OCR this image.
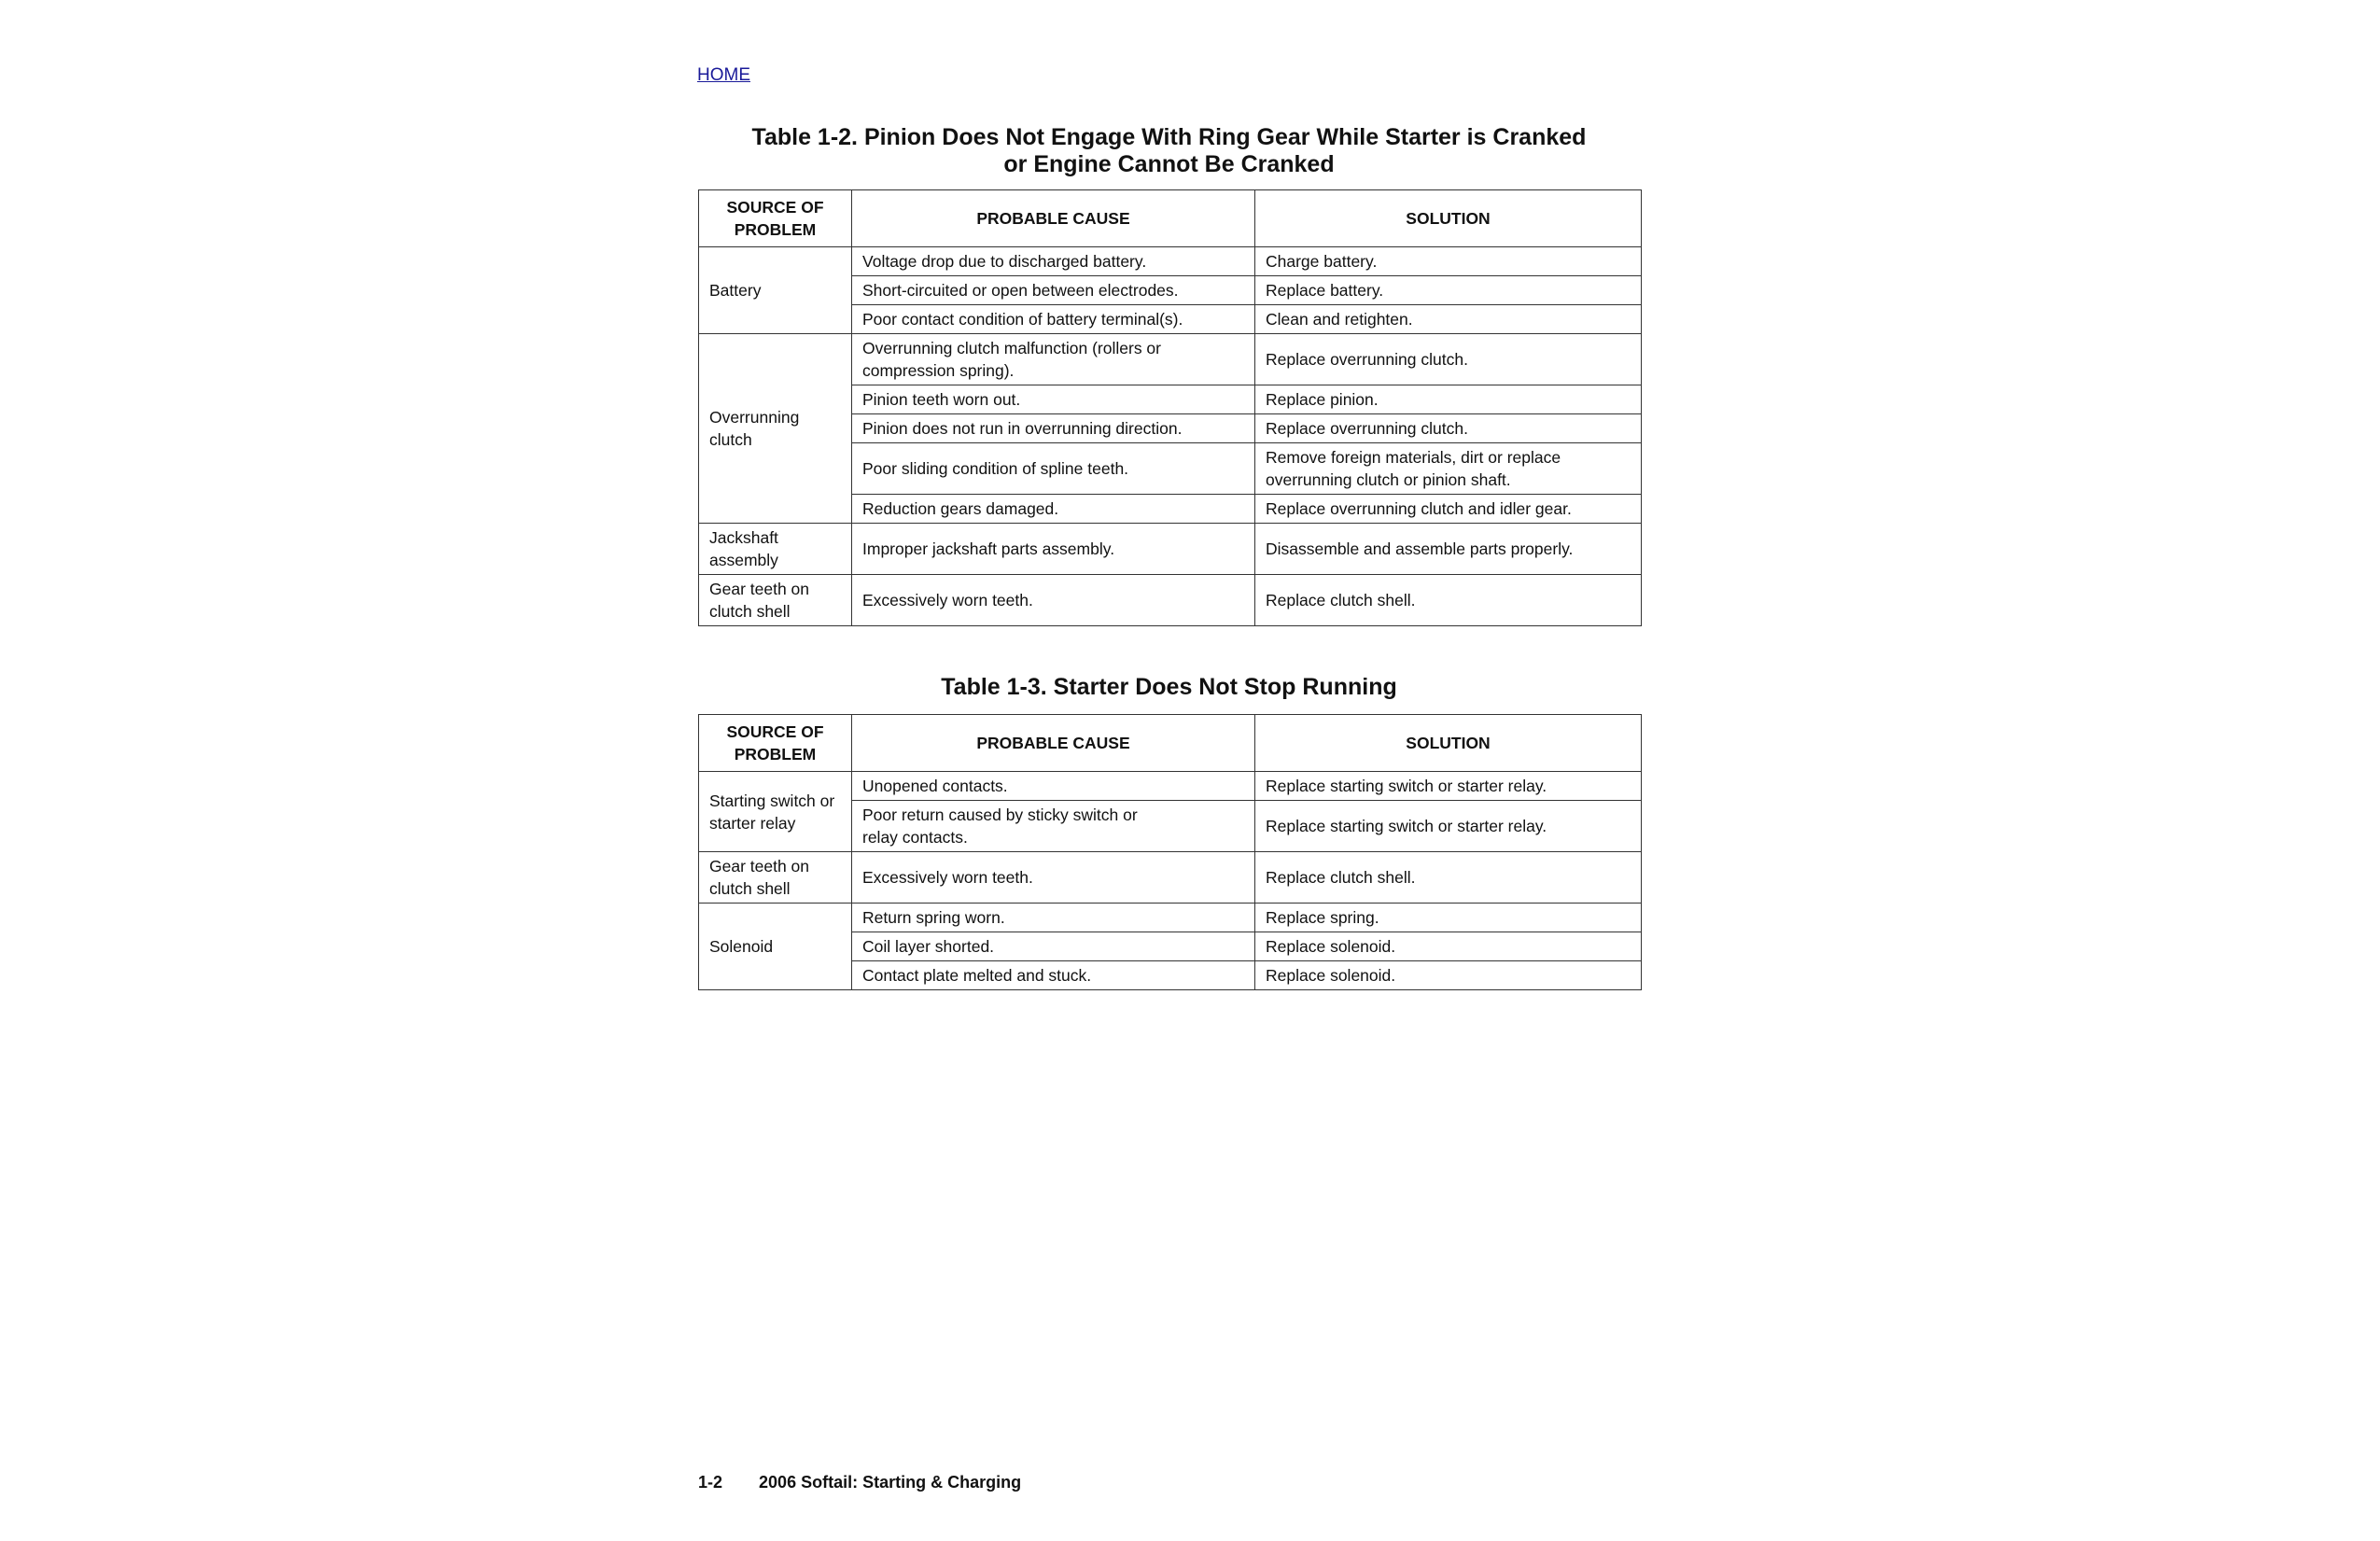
HOME
Table 1-2. Pinion Does Not Engage With Ring Gear While Starter is Cranked
or Engine Cannot Be Cranked
SOURCE OF PROBLEM	PROBABLE CAUSE	SOLUTION
Battery	Voltage drop due to discharged battery.	Charge battery.
	Short-circuited or open between electrodes.	Replace battery.
	Poor contact condition of battery terminal(s).	Clean and retighten.
Overrunning clutch	Overrunning clutch malfunction (rollers or compression spring).	Replace overrunning clutch.
	Pinion teeth worn out.	Replace pinion.
	Pinion does not run in overrunning direction.	Replace overrunning clutch.
	Poor sliding condition of spline teeth.	Remove foreign materials, dirt or replace overrunning clutch or pinion shaft.
	Reduction gears damaged.	Replace overrunning clutch and idler gear.
Jackshaft assembly	Improper jackshaft parts assembly.	Disassemble and assemble parts properly.
Gear teeth on clutch shell	Excessively worn teeth.	Replace clutch shell.
Table 1-3. Starter Does Not Stop Running
SOURCE OF PROBLEM	PROBABLE CAUSE	SOLUTION
Starting switch or starter relay	Unopened contacts.	Replace starting switch or starter relay.
	Poor return caused by sticky switch or relay contacts.	Replace starting switch or starter relay.
Gear teeth on clutch shell	Excessively worn teeth.	Replace clutch shell.
Solenoid	Return spring worn.	Replace spring.
	Coil layer shorted.	Replace solenoid.
	Contact plate melted and stuck.	Replace solenoid.
1-2 2006 Softail: Starting & Charging
